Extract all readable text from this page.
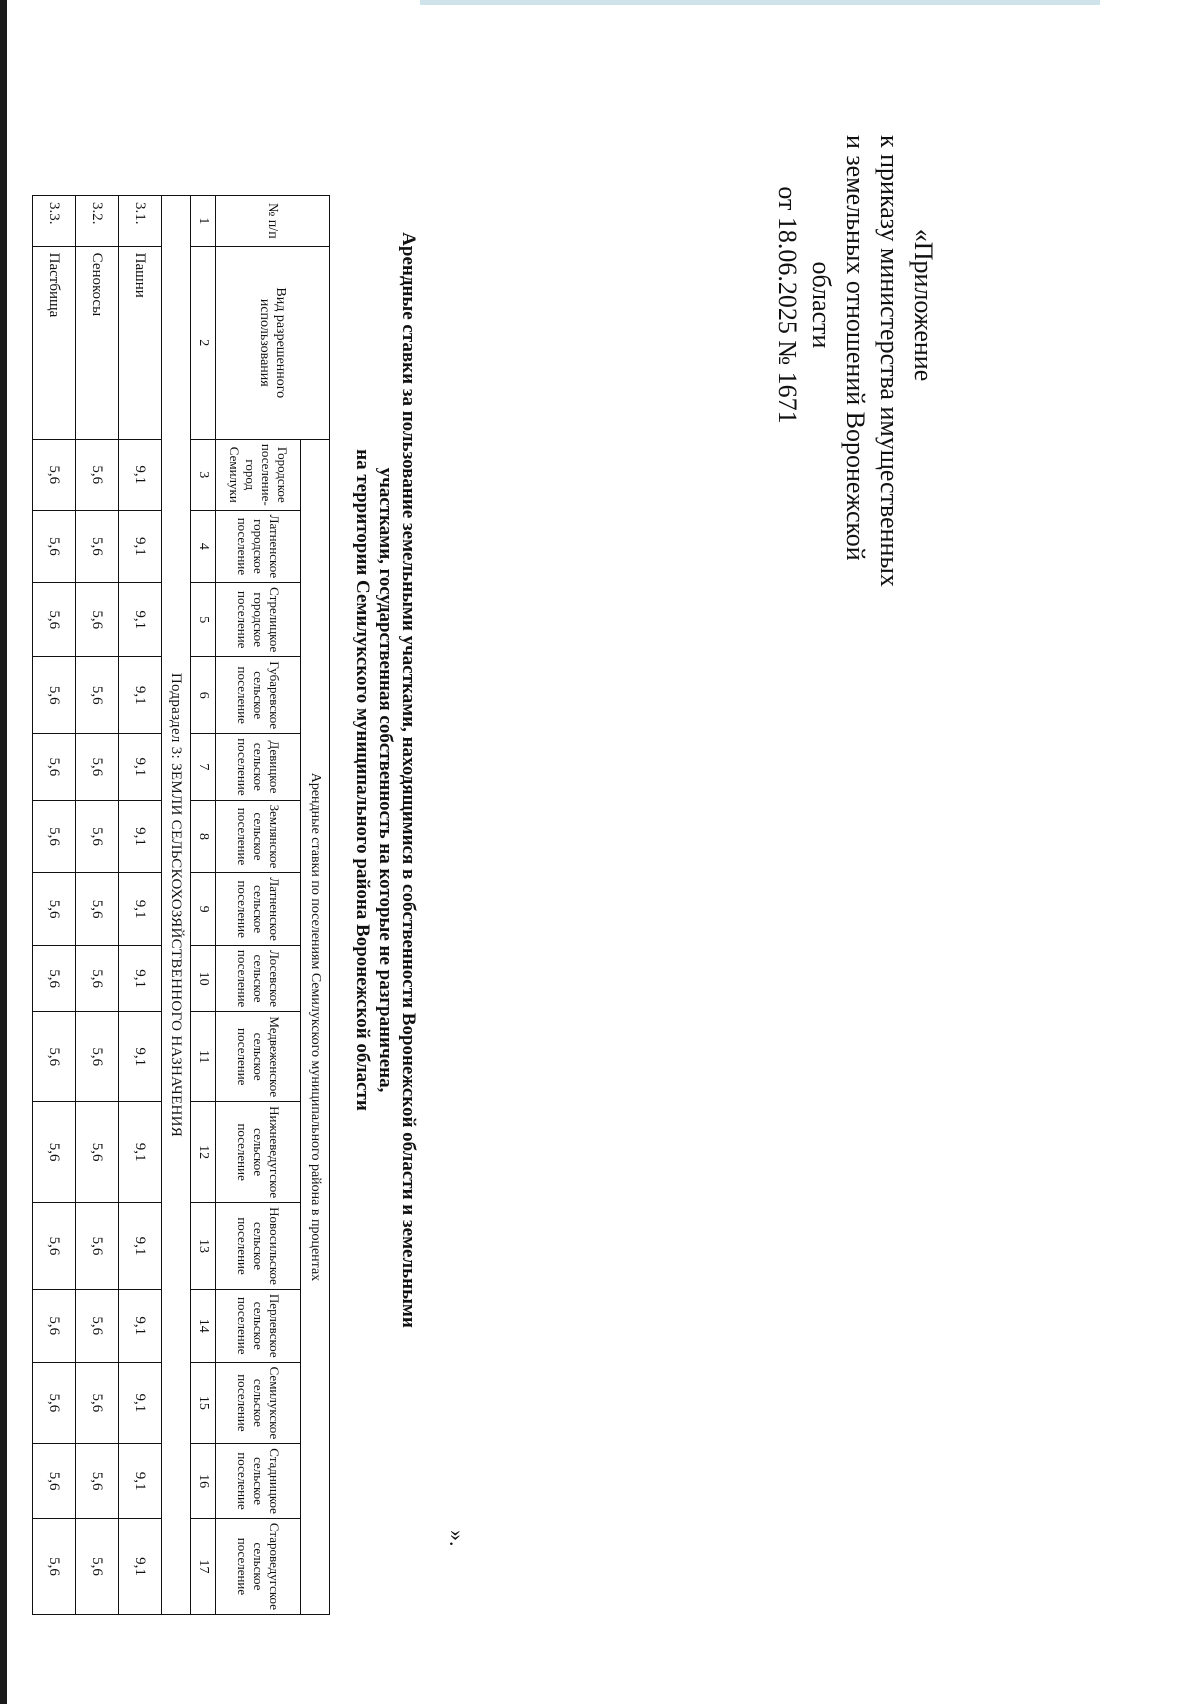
«Приложение
к приказу министерства имущественных
и земельных отношений Воронежской
области
от 18.06.2025 № 1671
Арендные ставки за пользование земельными участками, находящимися в собственности Воронежской области и земельными
участками, государственная собственность на которые не разграничена,
на территории Семилукского муниципального района Воронежской области
№ п/п	Вид разрешенного использования	Арендные ставки по поселениям Семилукского муниципального района в процентах														
		Городское поселение-город Семилуки	Латненское городское поселение	Стрелицкое городское поселение	Губаревское сельское поселение	Девицкое сельское поселение	Землянское сельское поселение	Латненское сельское поселение	Лосевское сельское поселение	Медвеженское сельское поселение	Нижневедугское сельское поселение	Новосильское сельское поселение	Перлевское сельское поселение	Семилукское сельское поселение	Стадницкое сельское поселение	Староведугское сельское поселение
1	2	3	4	5	6	7	8	9	10	11	12	13	14	15	16	17
Подраздел 3: ЗЕМЛИ СЕЛЬСКОХОЗЯЙСТВЕННОГО НАЗНАЧЕНИЯ																
3.1.	Пашни	9,1	9,1	9,1	9,1	9,1	9,1	9,1	9,1	9,1	9,1	9,1	9,1	9,1	9,1	9,1
3.2.	Сенокосы	5,6	5,6	5,6	5,6	5,6	5,6	5,6	5,6	5,6	5,6	5,6	5,6	5,6	5,6	5,6
3.3.	Пастбища	5,6	5,6	5,6	5,6	5,6	5,6	5,6	5,6	5,6	5,6	5,6	5,6	5,6	5,6	5,6
».
